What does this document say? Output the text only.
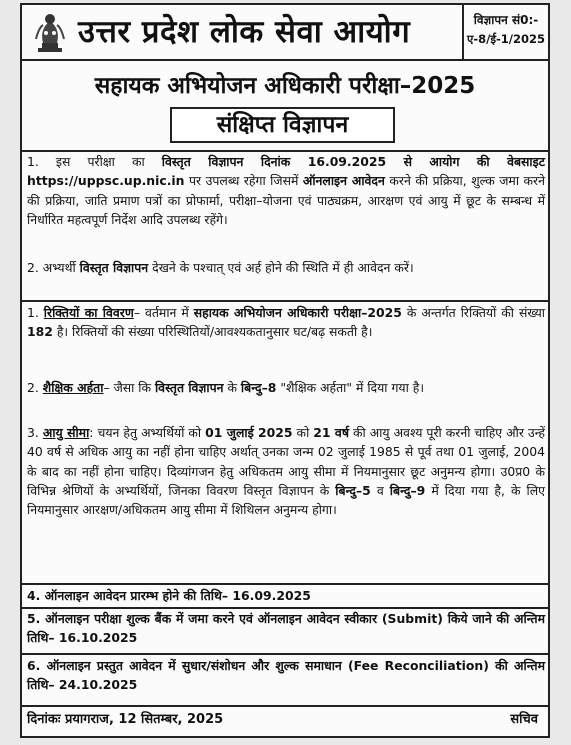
उत्तर प्रदेश लोक सेवा आयोग	विज्ञापन सं0:-
ए-8/ई-1/2025
सहायक अभियोजन अधिकारी परीक्षा–2025
संक्षिप्त विज्ञापन
1. इस परीक्षा का विस्तृत विज्ञापन दिनांक 16.09.2025 से आयोग की वेबसाइट https://uppsc.up.nic.in पर उपलब्ध रहेगा जिसमें ऑनलाइन आवेदन करने की प्रक्रिया, शुल्क जमा करने की प्रक्रिया, जाति प्रमाण पत्रों का प्रोफार्मा, परीक्षा–योजना एवं पाठ्यक्रम, आरक्षण एवं आयु में छूट के सम्बन्ध में निर्धारित महत्वपूर्ण निर्देश आदि उपलब्ध रहेंगे।
2. अभ्यर्थी विस्तृत विज्ञापन देखने के पश्चात् एवं अर्ह होने की स्थिति में ही आवेदन करें।
1. रिक्तियों का विवरण– वर्तमान में सहायक अभियोजन अधिकारी परीक्षा–2025 के अन्तर्गत रिक्तियों की संख्या 182 है। रिक्तियों की संख्या परिस्थितियों/आवश्यकतानुसार घट/बढ़ सकती है।
2. शैक्षिक अर्हता– जैसा कि विस्तृत विज्ञापन के बिन्दु–8 "शैक्षिक अर्हता" में दिया गया है।
3. आयु सीमा: चयन हेतु अभ्यर्थियों को 01 जुलाई 2025 को 21 वर्ष की आयु अवश्य पूरी करनी चाहिए और उन्हें 40 वर्ष से अधिक आयु का नहीं होना चाहिए अर्थात् उनका जन्म 02 जुलाई 1985 से पूर्व तथा 01 जुलाई, 2004 के बाद का नहीं होना चाहिए। दिव्यांगजन हेतु अधिकतम आयु सीमा में नियमानुसार छूट अनुमन्य होगा। उ0प्र0 के विभिन्न श्रेणियों के अभ्यर्थियों, जिनका विवरण विस्तृत विज्ञापन के बिन्दु–5 व बिन्दु–9 में दिया गया है, के लिए नियमानुसार आरक्षण/अधिकतम आयु सीमा में शिथिलन अनुमन्य होगा।
4. ऑनलाइन आवेदन प्रारम्भ होने की तिथि– 16.09.2025
5. ऑनलाइन परीक्षा शुल्क बैंक में जमा करने एवं ऑनलाइन आवेदन स्वीकार (Submit) किये जाने की अन्तिम तिथि– 16.10.2025
6. ऑनलाइन प्रस्तुत आवेदन में सुधार/संशोधन और शुल्क समाधान (Fee Reconciliation) की अन्तिम तिथि– 24.10.2025
दिनांकः प्रयागराज, 12 सितम्बर, 2025	सचिव
